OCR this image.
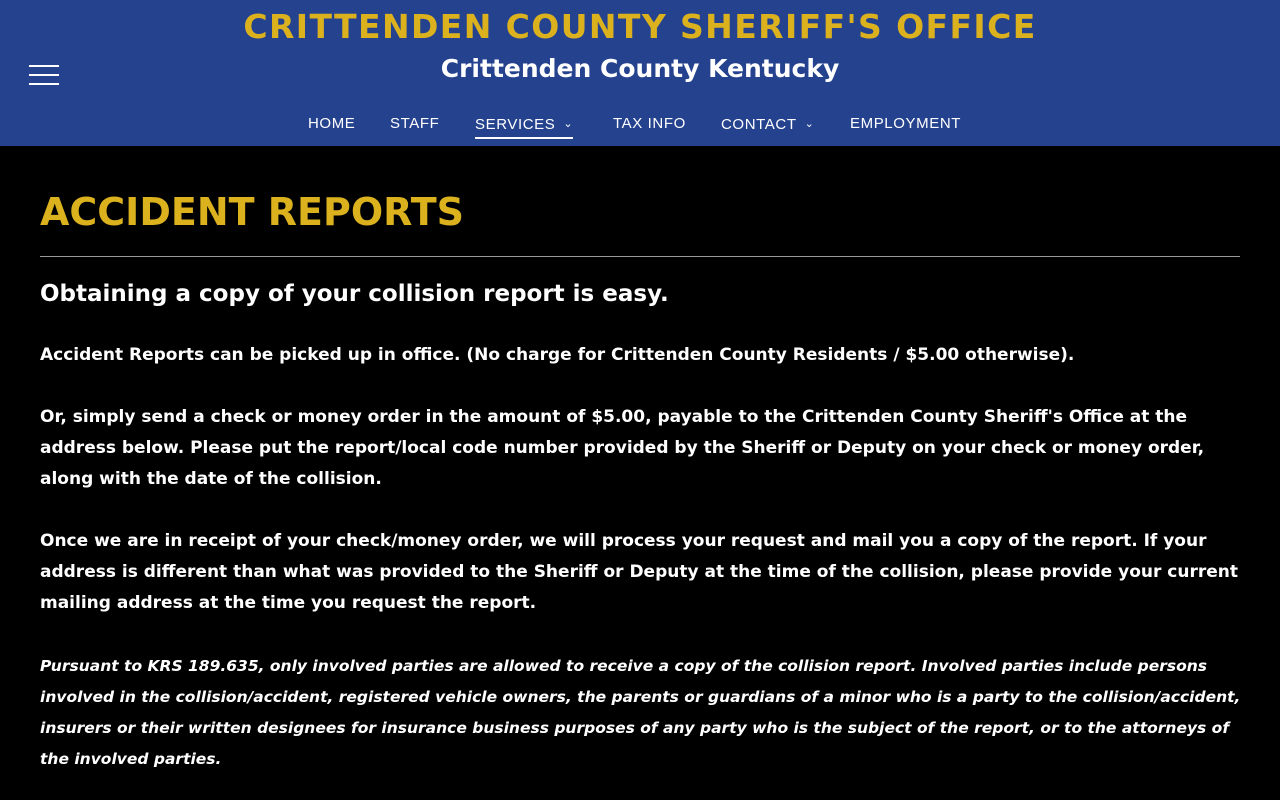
CRITTENDEN COUNTY SHERIFF'S OFFICE
Crittenden County Kentucky
HOME STAFF SERVICES ⌄	TAX INFO CONTACT ⌄ EMPLOYMENT
ACCIDENT REPORTS
Obtaining a copy of your collision report is easy.
Accident Reports can be picked up in office. (No charge for Crittenden County Residents / $5.00 otherwise).
Or, simply send a check or money order in the amount of $5.00, payable to the Crittenden County Sheriff's Office at the address below. Please put the report/local code number provided by the Sheriff or Deputy on your check or money order, along with the date of the collision.
Once we are in receipt of your check/money order, we will process your request and mail you a copy of the report. If your address is different than what was provided to the Sheriff or Deputy at the time of the collision, please provide your current mailing address at the time you request the report.
Pursuant to KRS 189.635, only involved parties are allowed to receive a copy of the collision report. Involved parties include persons involved in the collision/accident, registered vehicle owners, the parents or guardians of a minor who is a party to the collision/accident, insurers or their written designees for insurance business purposes of any party who is the subject of the report, or to the attorneys of the involved parties.
